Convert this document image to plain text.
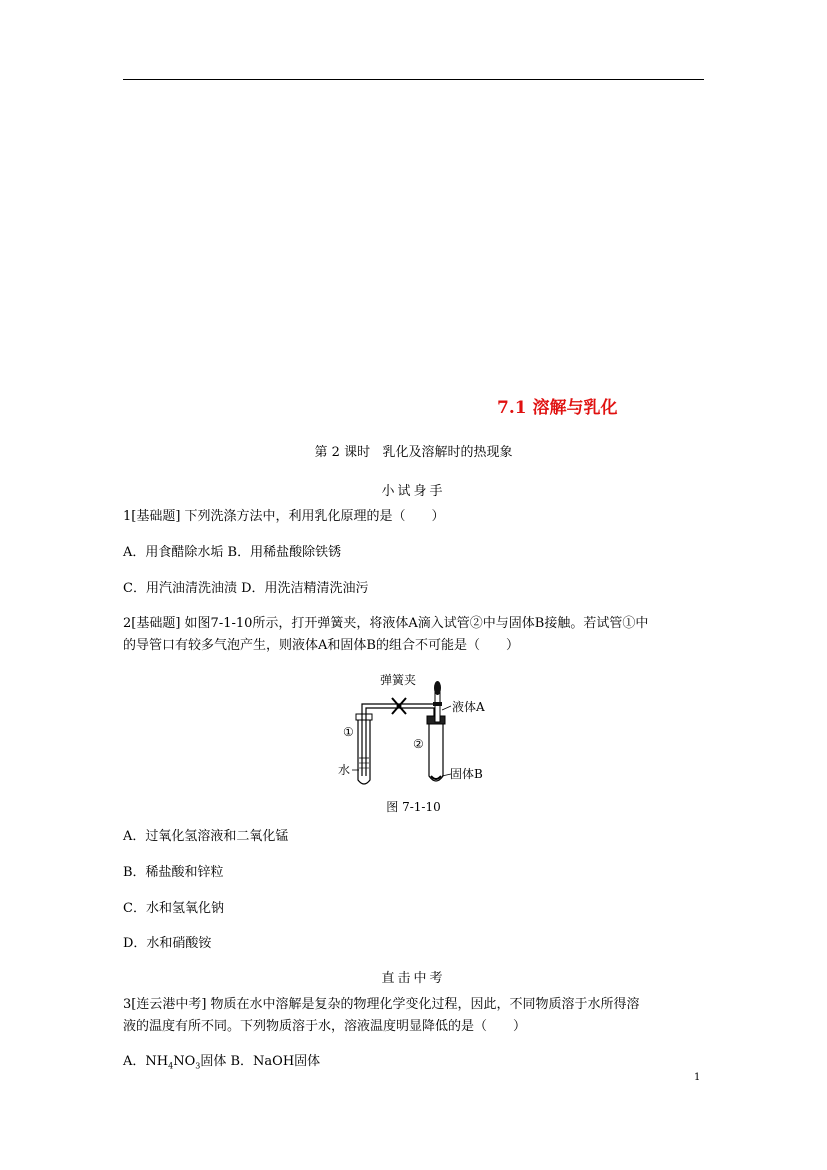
7.1 溶解与乳化
第 2 课时   乳化及溶解时的热现象
小试身手
1[基础题] 下列洗涤方法中，利用乳化原理的是（　　）
A．用食醋除水垢 B．用稀盐酸除铁锈
C．用汽油清洗油渍 D．用洗洁精清洗油污
2[基础题] 如图7-1-10所示，打开弹簧夹，将液体A滴入试管②中与固体B接触。若试管①中
的导管口有较多气泡产生，则液体A和固体B的组合不可能是（　　）
弹簧夹
液体A
①
②
水	固体B
图 7-1-10
A．过氧化氢溶液和二氧化锰
B．稀盐酸和锌粒
C．水和氢氧化钠
D．水和硝酸铵
直击中考
3[连云港中考] 物质在水中溶解是复杂的物理化学变化过程，因此，不同物质溶于水所得溶
液的温度有所不同。下列物质溶于水，溶液温度明显降低的是（　　）
A．$NH_4NO_3$固体 B．NaOH固体
1
